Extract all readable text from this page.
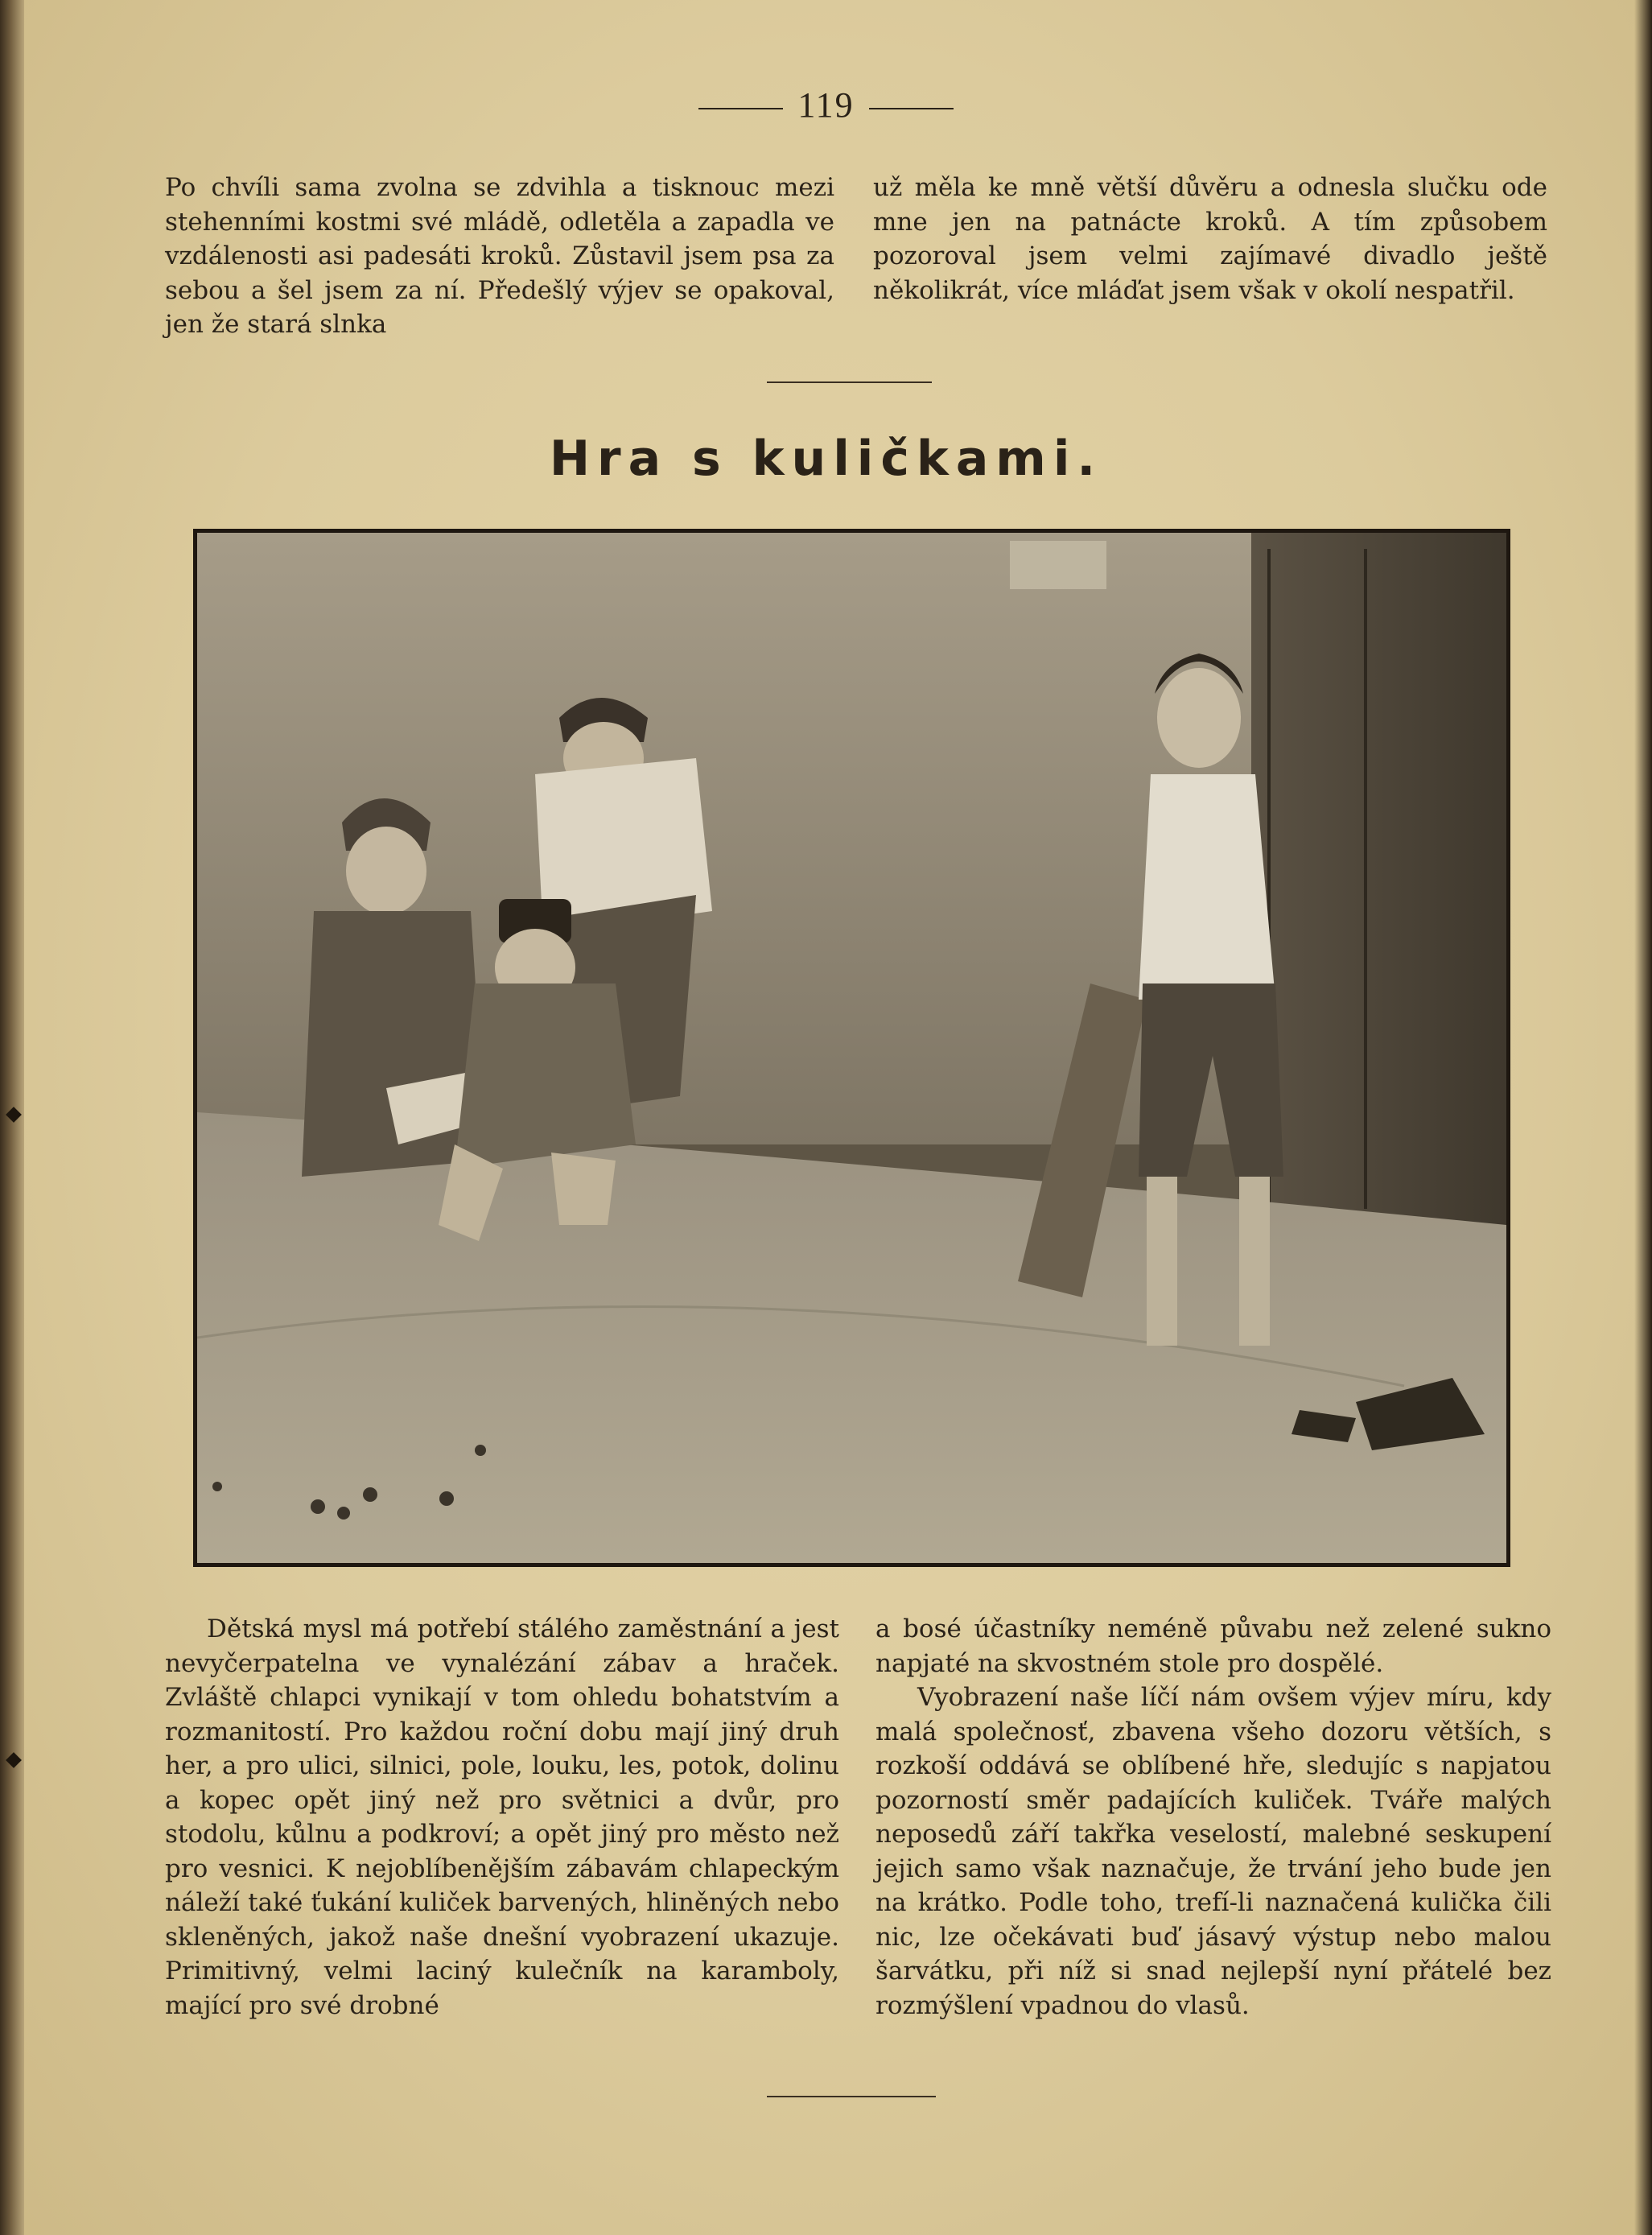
119

Po chvíli sama zvolna se zdvihla a tisknouc mezi stehenními kostmi své mládě, odletěla a zapadla ve vzdálenosti asi padesáti kroků. Zůstavil jsem psa za sebou a šel jsem za ní. Předešlý výjev se opakoval, jen že stará slnka

už měla ke mně větší důvěru a odnesla slučku ode mne jen na patnácte kroků. A tím způsobem pozoroval jsem velmi zajímavé divadlo ještě několikrát, více mláďat jsem však v okolí nespatřil.

Hra s kuličkami.

Dětská mysl má potřebí stálého zaměstnání a jest nevyčerpatelna ve vynalézání zábav a hraček. Zvláště chlapci vynikají v tom ohledu bohatstvím a rozmanitostí. Pro každou roční dobu mají jiný druh her, a pro ulici, silnici, pole, louku, les, potok, dolinu a kopec opět jiný než pro světnici a dvůr, pro stodolu, kůlnu a podkroví; a opět jiný pro město než pro vesnici. K nejoblíbenějším zábavám chlapeckým náleží také ťukání kuliček barvených, hliněných nebo skleněných, jakož naše dnešní vyobrazení ukazuje. Primitivný, velmi laciný kulečník na karamboly, mající pro své drobné

a bosé účastníky neméně půvabu než zelené sukno napjaté na skvostném stole pro dospělé.

Vyobrazení naše líčí nám ovšem výjev míru, kdy malá společnosť, zbavena všeho dozoru větších, s rozkoší oddává se oblíbené hře, sledujíc s napjatou pozorností směr padajících kuliček. Tváře malých neposedů září takřka veselostí, malebné seskupení jejich samo však naznačuje, že trvání jeho bude jen na krátko. Podle toho, trefí-li naznačená kulička čili nic, lze očekávati buď jásavý výstup nebo malou šarvátku, při níž si snad nejlepší nyní přátelé bez rozmýšlení vpadnou do vlasů.
